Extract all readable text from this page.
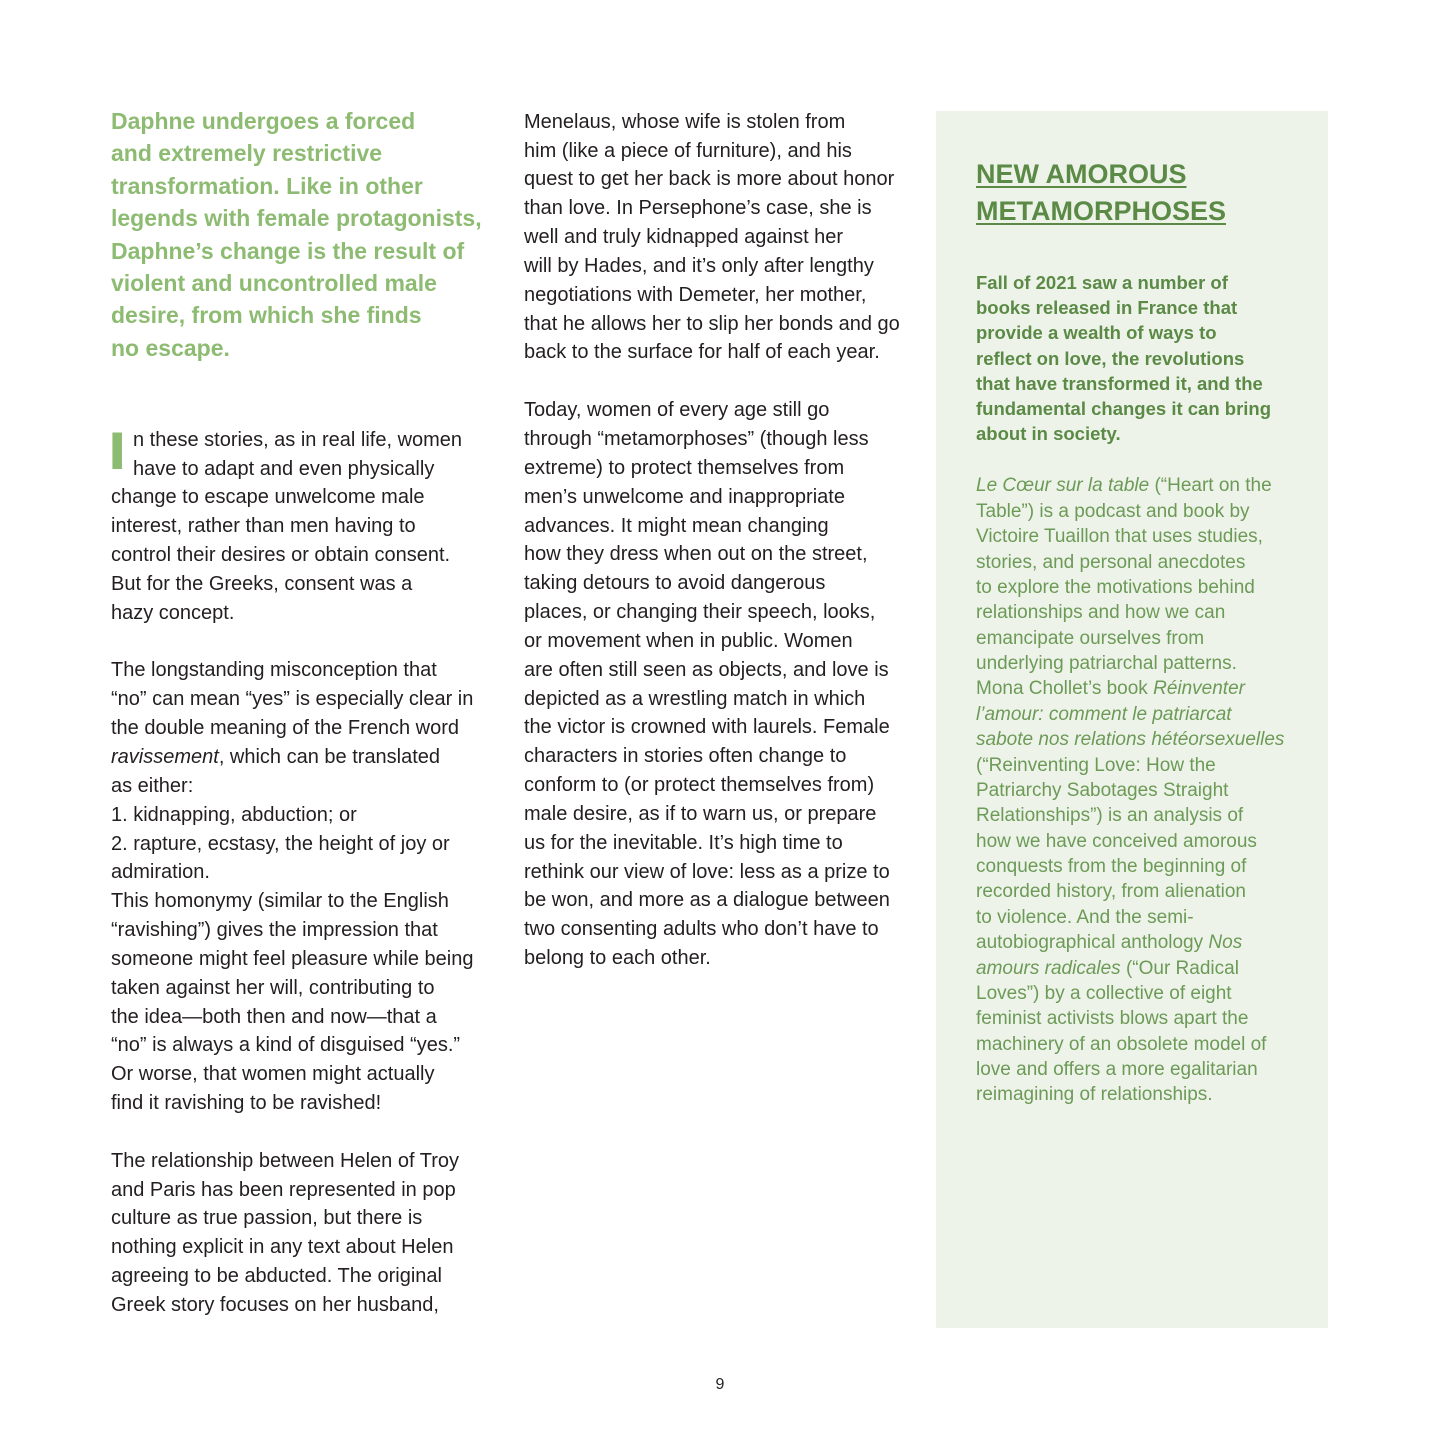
Daphne undergoes a forced
and extremely restrictive
transformation. Like in other
legends with female protagonists,
Daphne’s change is the result of
violent and uncontrolled male
desire, from which she finds
no escape.
I n these stories, as in real life, women
have to adapt and even physically
change to escape unwelcome male
interest, rather than men having to
control their desires or obtain consent.
But for the Greeks, consent was a
hazy concept.
The longstanding misconception that
“no” can mean “yes” is especially clear in
the double meaning of the French word
ravissement, which can be translated
as either:
1. kidnapping, abduction; or
2. rapture, ecstasy, the height of joy or
admiration.
This homonymy (similar to the English
“ravishing”) gives the impression that
someone might feel pleasure while being
taken against her will, contributing to
the idea—both then and now—that a
“no” is always a kind of disguised “yes.”
Or worse, that women might actually
find it ravishing to be ravished!
The relationship between Helen of Troy
and Paris has been represented in pop
culture as true passion, but there is
nothing explicit in any text about Helen
agreeing to be abducted. The original
Greek story focuses on her husband,
Menelaus, whose wife is stolen from
him (like a piece of furniture), and his
quest to get her back is more about honor
than love. In Persephone’s case, she is
well and truly kidnapped against her
will by Hades, and it’s only after lengthy
negotiations with Demeter, her mother,
that he allows her to slip her bonds and go
back to the surface for half of each year.
Today, women of every age still go
through “metamorphoses” (though less
extreme) to protect themselves from
men’s unwelcome and inappropriate
advances. It might mean changing
how they dress when out on the street,
taking detours to avoid dangerous
places, or changing their speech, looks,
or movement when in public. Women
are often still seen as objects, and love is
depicted as a wrestling match in which
the victor is crowned with laurels. Female
characters in stories often change to
conform to (or protect themselves from)
male desire, as if to warn us, or prepare
us for the inevitable. It’s high time to
rethink our view of love: less as a prize to
be won, and more as a dialogue between
two consenting adults who don’t have to
belong to each other.
NEW AMOROUS
METAMORPHOSES
Fall of 2021 saw a number of
books released in France that
provide a wealth of ways to
reflect on love, the revolutions
that have transformed it, and the
fundamental changes it can bring
about in society.
Le Cœur sur la table (“Heart on the
Table”) is a podcast and book by
Victoire Tuaillon that uses studies,
stories, and personal anecdotes
to explore the motivations behind
relationships and how we can
emancipate ourselves from
underlying patriarchal patterns.
Mona Chollet’s book Réinventer
l’amour: comment le patriarcat
sabote nos relations hétéorsexuelles
(“Reinventing Love: How the
Patriarchy Sabotages Straight
Relationships”) is an analysis of
how we have conceived amorous
conquests from the beginning of
recorded history, from alienation
to violence. And the semi-
autobiographical anthology Nos
amours radicales (“Our Radical
Loves”) by a collective of eight
feminist activists blows apart the
machinery of an obsolete model of
love and offers a more egalitarian
reimagining of relationships.
9
